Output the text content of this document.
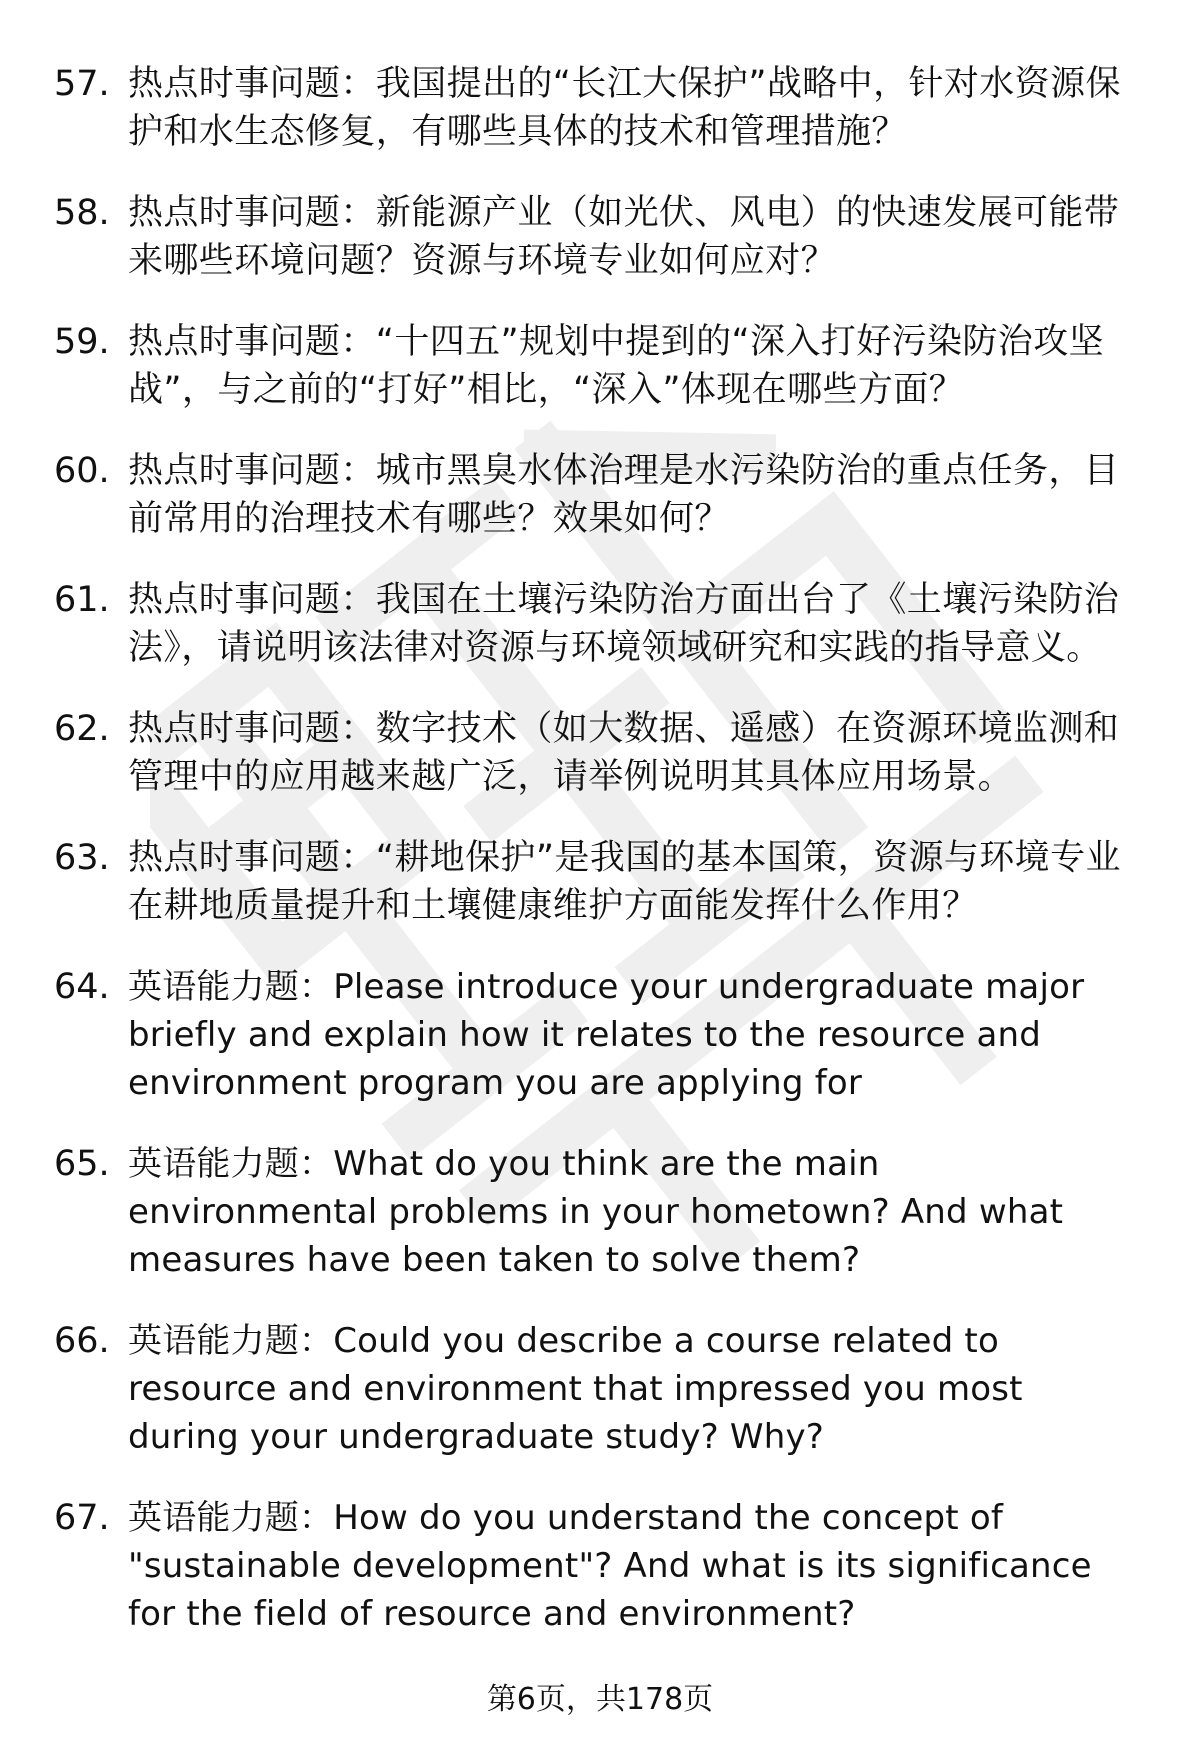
57. 热点时事问题：我国提出的“长江大保护”战略中，针对水资源保护和水生态修复，有哪些具体的技术和管理措施？
58. 热点时事问题：新能源产业（如光伏、风电）的快速发展可能带来哪些环境问题？资源与环境专业如何应对？
59. 热点时事问题：“十四五”规划中提到的“深入打好污染防治攻坚战”，与之前的“打好”相比，“深入”体现在哪些方面？
60. 热点时事问题：城市黑臭水体治理是水污染防治的重点任务，目前常用的治理技术有哪些？效果如何？
61. 热点时事问题：我国在土壤污染防治方面出台了《土壤污染防治法》，请说明该法律对资源与环境领域研究和实践的指导意义。
62. 热点时事问题：数字技术（如大数据、遥感）在资源环境监测和管理中的应用越来越广泛，请举例说明其具体应用场景。
63. 热点时事问题：“耕地保护”是我国的基本国策，资源与环境专业在耕地质量提升和土壤健康维护方面能发挥什么作用？
64. 英语能力题：Please introduce your undergraduate major briefly and explain how it relates to the resource and environment program you are applying for
65. 英语能力题：What do you think are the main environmental problems in your hometown? And what measures have been taken to solve them?
66. 英语能力题：Could you describe a course related to resource and environment that impressed you most during your undergraduate study? Why?
67. 英语能力题：How do you understand the concept of "sustainable development"? And what is its significance for the field of resource and environment?
第6页，共178页
